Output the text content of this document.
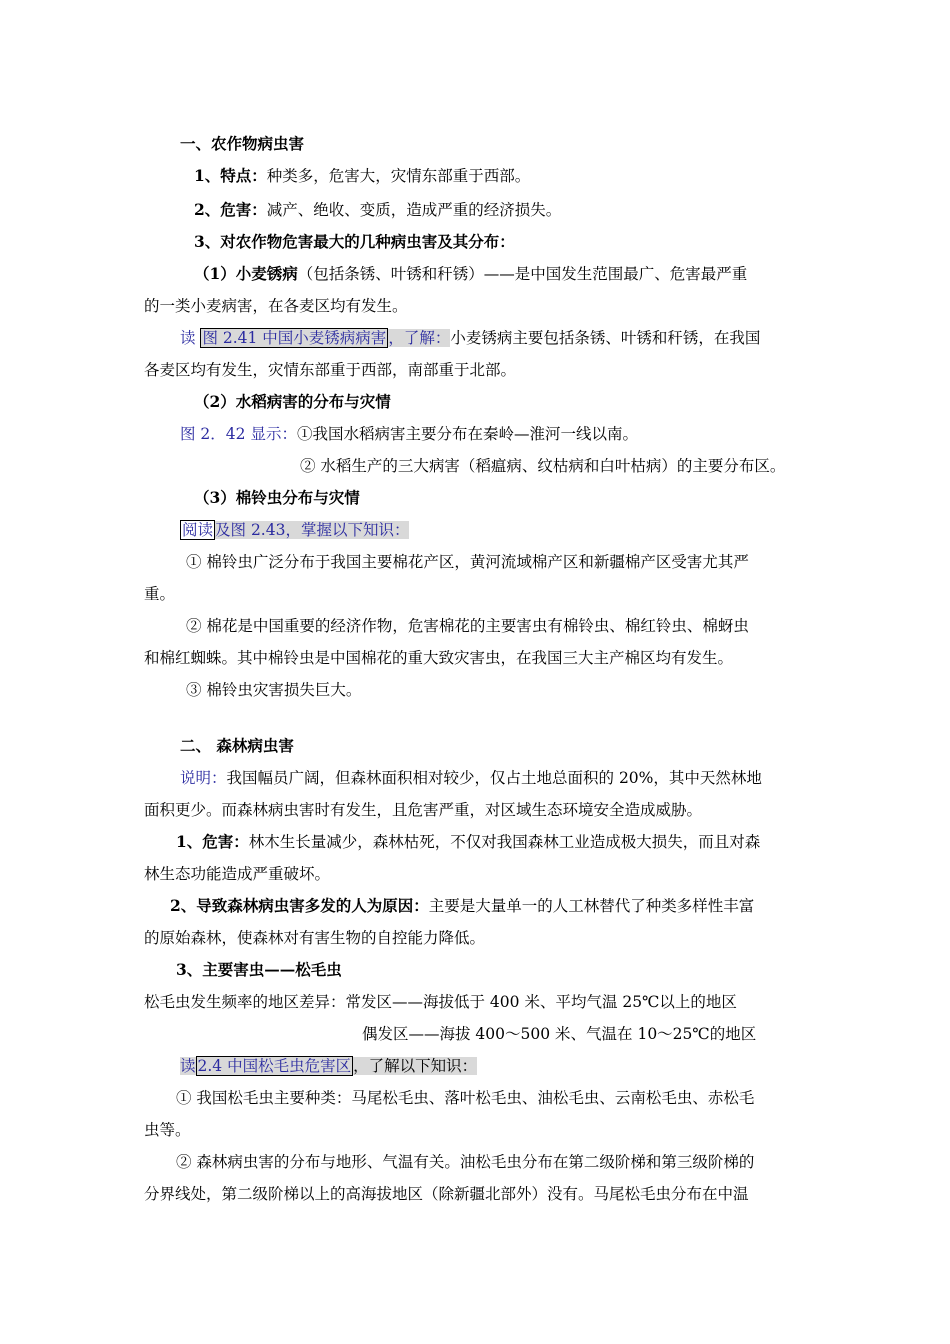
一、农作物病虫害
1、特点：种类多，危害大，灾情东部重于西部。
2、危害：减产、绝收、变质，造成严重的经济损失。
3、对农作物危害最大的几种病虫害及其分布：
（1）小麦锈病（包括条锈、叶锈和秆锈）——是中国发生范围最广、危害最严重
的一类小麦病害，在各麦区均有发生。
读 图 2.41 中国小麦锈病病害 ，了解：小麦锈病主要包括条锈、叶锈和秆锈，在我国
各麦区均有发生，灾情东部重于西部，南部重于北部。
（2）水稻病害的分布与灾情
图 2．42 显示：①我国水稻病害主要分布在秦岭—淮河一线以南。
② 水稻生产的三大病害（稻瘟病、纹枯病和白叶枯病）的主要分布区。
（3）棉铃虫分布与灾情
阅读 及图 2.43，掌握以下知识：
① 棉铃虫广泛分布于我国主要棉花产区，黄河流域棉产区和新疆棉产区受害尤其严
重。
② 棉花是中国重要的经济作物，危害棉花的主要害虫有棉铃虫、棉红铃虫、棉蚜虫
和棉红蜘蛛。其中棉铃虫是中国棉花的重大致灾害虫，在我国三大主产棉区均有发生。
③ 棉铃虫灾害损失巨大。
二、 森林病虫害
说明：我国幅员广阔，但森林面积相对较少，仅占土地总面积的 20%，其中天然林地
面积更少。而森林病虫害时有发生，且危害严重，对区域生态环境安全造成威胁。
1、危害：林木生长量减少，森林枯死，不仅对我国森林工业造成极大损失，而且对森
林生态功能造成严重破坏。
2、导致森林病虫害多发的人为原因：主要是大量单一的人工林替代了种类多样性丰富
的原始森林，使森林对有害生物的自控能力降低。
3、主要害虫——松毛虫
松毛虫发生频率的地区差异：常发区——海拔低于 400 米、平均气温 25℃以上的地区
偶发区——海拔 400～500 米、气温在 10～25℃的地区
读 2.4 中国松毛虫危害区 ，了解以下知识：
① 我国松毛虫主要种类：马尾松毛虫、落叶松毛虫、油松毛虫、云南松毛虫、赤松毛
虫等。
② 森林病虫害的分布与地形、气温有关。油松毛虫分布在第二级阶梯和第三级阶梯的
分界线处，第二级阶梯以上的高海拔地区（除新疆北部外）没有。马尾松毛虫分布在中温
